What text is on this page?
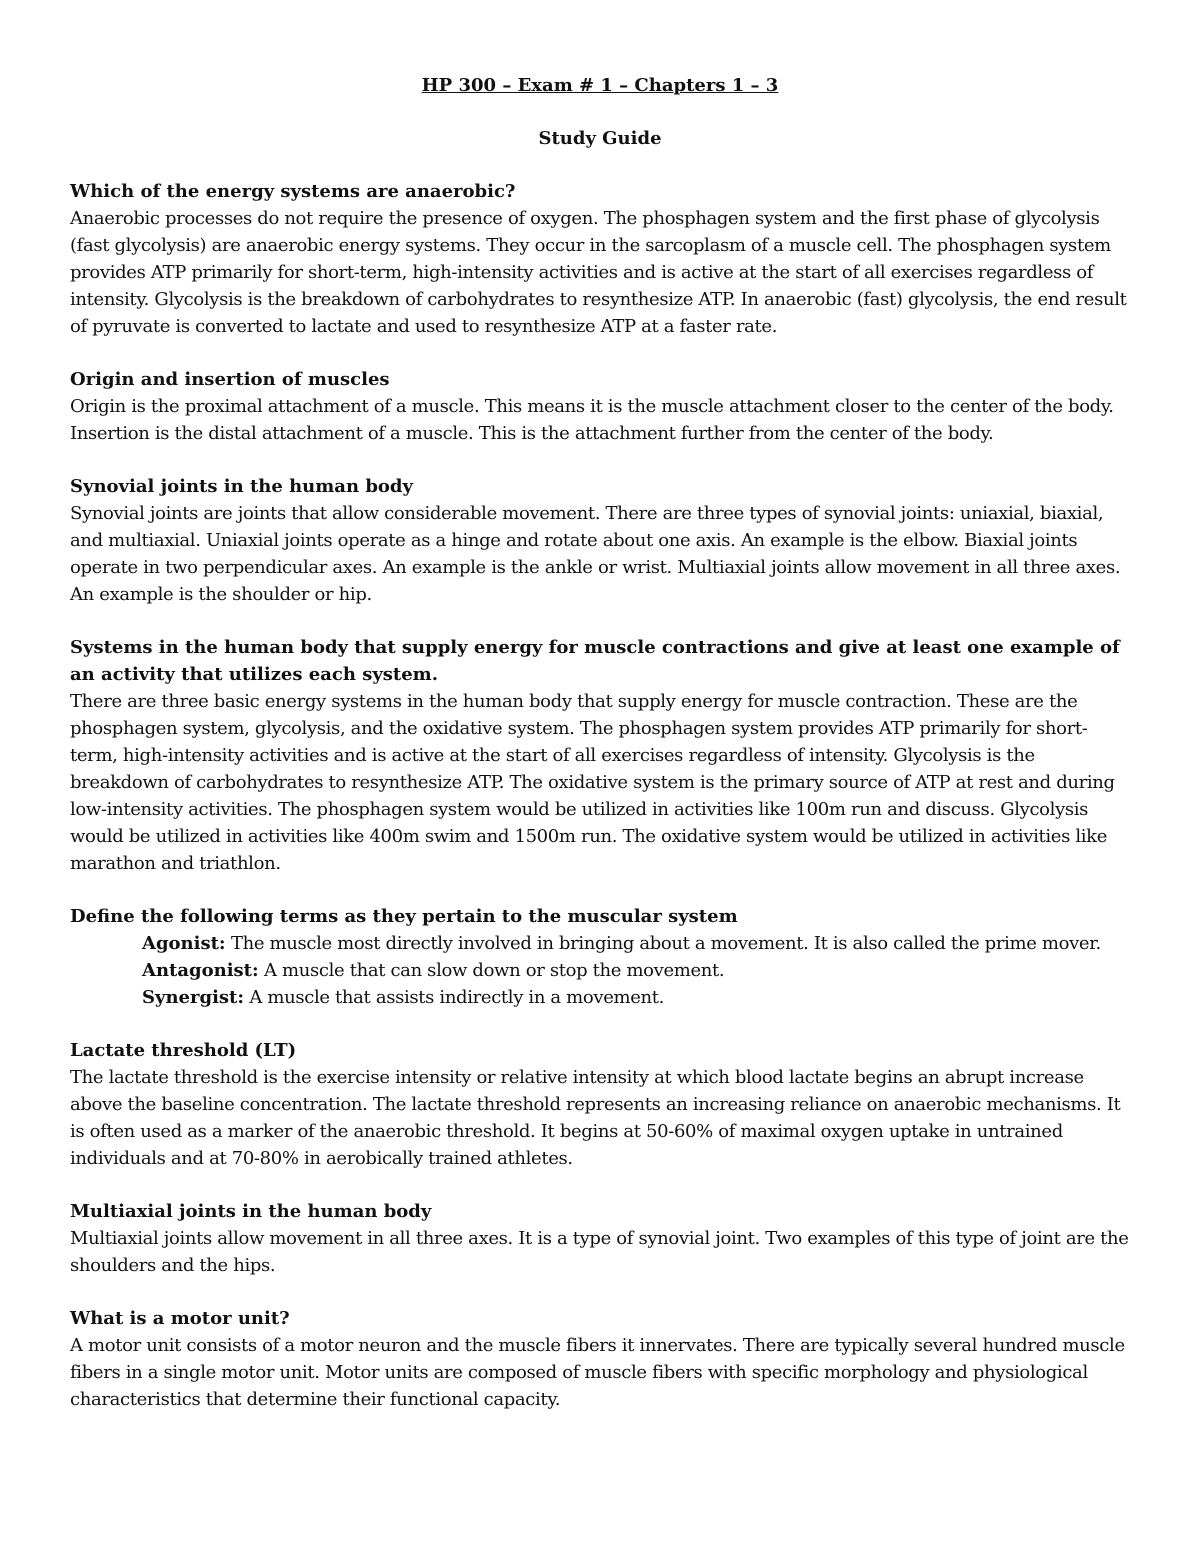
HP 300 – Exam # 1 – Chapters 1 – 3

Study Guide

Which of the energy systems are anaerobic?

Anaerobic processes do not require the presence of oxygen. The phosphagen system and the first phase of glycolysis (fast glycolysis) are anaerobic energy systems. They occur in the sarcoplasm of a muscle cell. The phosphagen system provides ATP primarily for short-term, high-intensity activities and is active at the start of all exercises regardless of intensity. Glycolysis is the breakdown of carbohydrates to resynthesize ATP. In anaerobic (fast) glycolysis, the end result of pyruvate is converted to lactate and used to resynthesize ATP at a faster rate.

Origin and insertion of muscles

Origin is the proximal attachment of a muscle. This means it is the muscle attachment closer to the center of the body. Insertion is the distal attachment of a muscle. This is the attachment further from the center of the body.

Synovial joints in the human body

Synovial joints are joints that allow considerable movement. There are three types of synovial joints: uniaxial, biaxial, and multiaxial. Uniaxial joints operate as a hinge and rotate about one axis. An example is the elbow. Biaxial joints operate in two perpendicular axes. An example is the ankle or wrist. Multiaxial joints allow movement in all three axes. An example is the shoulder or hip.

Systems in the human body that supply energy for muscle contractions and give at least one example of an activity that utilizes each system.

There are three basic energy systems in the human body that supply energy for muscle contraction. These are the phosphagen system, glycolysis, and the oxidative system. The phosphagen system provides ATP primarily for short-term, high-intensity activities and is active at the start of all exercises regardless of intensity. Glycolysis is the breakdown of carbohydrates to resynthesize ATP. The oxidative system is the primary source of ATP at rest and during low-intensity activities. The phosphagen system would be utilized in activities like 100m run and discuss. Glycolysis would be utilized in activities like 400m swim and 1500m run. The oxidative system would be utilized in activities like marathon and triathlon.

Define the following terms as they pertain to the muscular system

Agonist: The muscle most directly involved in bringing about a movement. It is also called the prime mover.

Antagonist: A muscle that can slow down or stop the movement.

Synergist: A muscle that assists indirectly in a movement.

Lactate threshold (LT)

The lactate threshold is the exercise intensity or relative intensity at which blood lactate begins an abrupt increase above the baseline concentration. The lactate threshold represents an increasing reliance on anaerobic mechanisms. It is often used as a marker of the anaerobic threshold. It begins at 50-60% of maximal oxygen uptake in untrained individuals and at 70-80% in aerobically trained athletes.

Multiaxial joints in the human body

Multiaxial joints allow movement in all three axes. It is a type of synovial joint. Two examples of this type of joint are the shoulders and the hips.

What is a motor unit?

A motor unit consists of a motor neuron and the muscle fibers it innervates. There are typically several hundred muscle fibers in a single motor unit. Motor units are composed of muscle fibers with specific morphology and physiological characteristics that determine their functional capacity.
